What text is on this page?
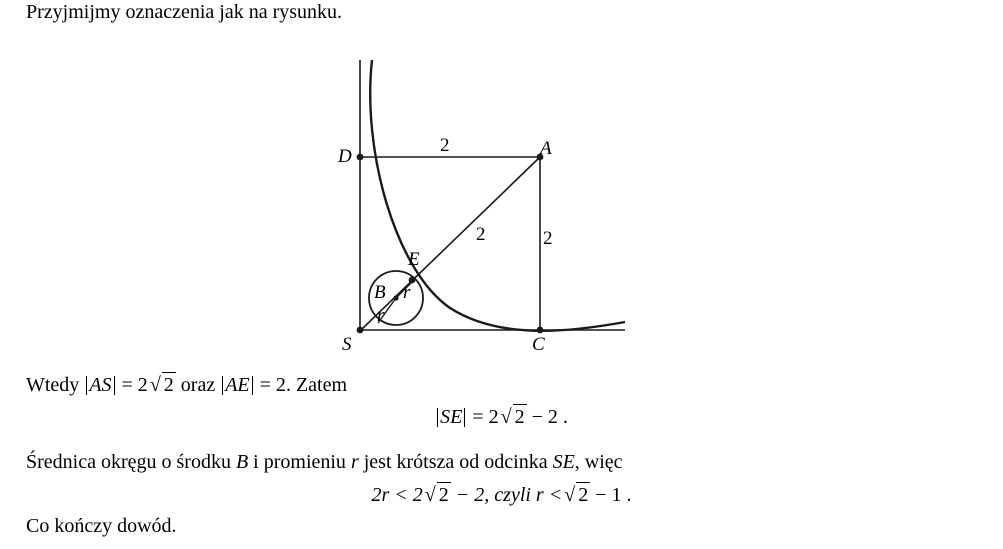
Przyjmijmy oznaczenia jak na rysunku.
D	A
C
S
E
B r
r
2
2
2
Wtedy AS = 2 √ 2 oraz AE = 2. Zatem
SE = 2 √ 2 − 2 .
Średnica okręgu o środku B i promieniu r jest krótsza od odcinka SE, więc
2r < 2 √ 2 − 2, czyli r < √ 2 − 1 .
Co kończy dowód.
